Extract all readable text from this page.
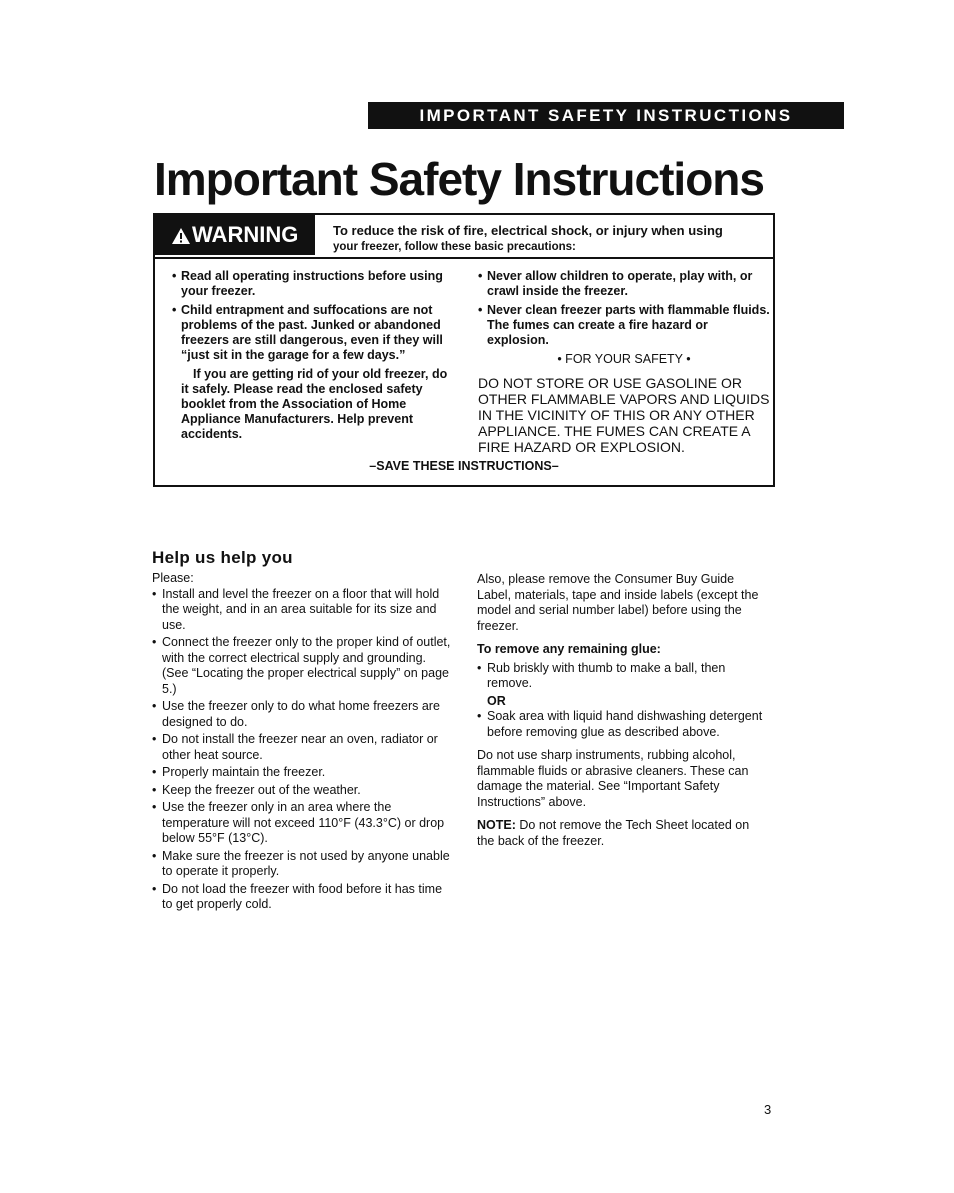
IMPORTANT SAFETY INSTRUCTIONS
Important Safety Instructions
WARNING	To reduce the risk of fire, electrical shock, or injury when using
your freezer, follow these basic precautions:

• Read all operating instructions before using your freezer.

• Child entrapment and suffocations are not problems of the past. Junked or abandoned freezers are still dangerous, even if they will “just sit in the garage for a few days.”

If you are getting rid of your old freezer, do it safely. Please read the enclosed safety booklet from the Association of Home Appliance Manufacturers. Help prevent accidents.

• Never allow children to operate, play with, or crawl inside the freezer.

• Never clean freezer parts with flammable fluids. The fumes can create a fire hazard or explosion.

• FOR YOUR SAFETY •

DO NOT STORE OR USE GASOLINE OR OTHER FLAMMABLE VAPORS AND LIQUIDS IN THE VICINITY OF THIS OR ANY OTHER APPLIANCE. THE FUMES CAN CREATE A FIRE HAZARD OR EXPLOSION.

–SAVE THESE INSTRUCTIONS–
Help us help you

Please:

• Install and level the freezer on a floor that will hold the weight, and in an area suitable for its size and use.

• Connect the freezer only to the proper kind of outlet, with the correct electrical supply and grounding. (See “Locating the proper electrical supply” on page 5.)

• Use the freezer only to do what home freezers are designed to do.

• Do not install the freezer near an oven, radiator or other heat source.

• Properly maintain the freezer.

• Keep the freezer out of the weather.

• Use the freezer only in an area where the temperature will not exceed 110°F (43.3°C) or drop below 55°F (13°C).

• Make sure the freezer is not used by anyone unable to operate it properly.

• Do not load the freezer with food before it has time to get properly cold.

Also, please remove the Consumer Buy Guide Label, materials, tape and inside labels (except the model and serial number label) before using the freezer.

To remove any remaining glue:

• Rub briskly with thumb to make a ball, then remove.

OR

• Soak area with liquid hand dishwashing detergent before removing glue as described above.

Do not use sharp instruments, rubbing alcohol, flammable fluids or abrasive cleaners. These can damage the material. See “Important Safety Instructions” above.

NOTE: Do not remove the Tech Sheet located on the back of the freezer.

3
